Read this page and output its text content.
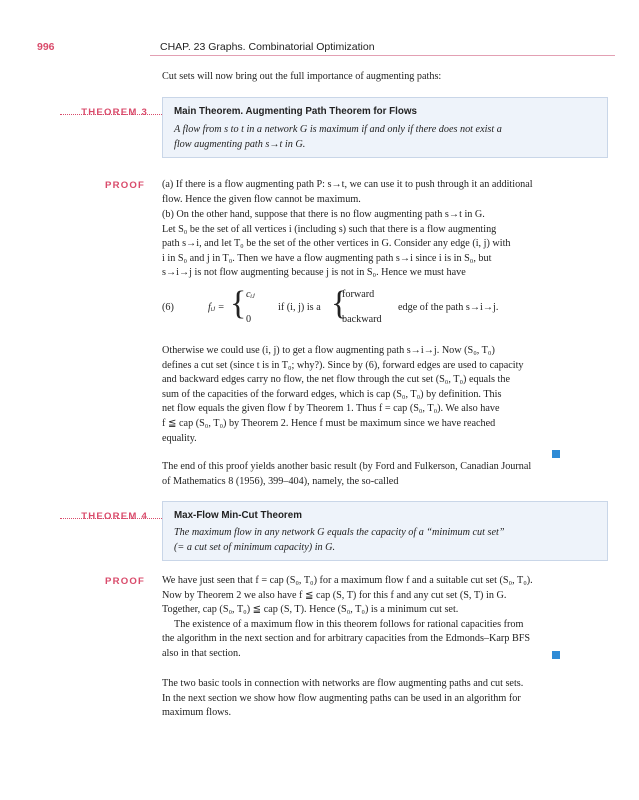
996	CHAP. 23 Graphs. Combinatorial Optimization
Cut sets will now bring out the full importance of augmenting paths:
THEOREM 3	Main Theorem. Augmenting Path Theorem for Flows
A flow from s to t in a network G is maximum if and only if there does not exist a
flow augmenting path s→t in G.
PROOF (a) If there is a flow augmenting path P: s→t, we can use it to push through it an additional
flow. Hence the given flow cannot be maximum.
(b) On the other hand, suppose that there is no flow augmenting path s→t in G.
Let S₀ be the set of all vertices i (including s) such that there is a flow augmenting
path s→i, and let T₀ be the set of the other vertices in G. Consider any edge (i, j) with
i in S₀ and j in T₀. Then we have a flow augmenting path s→i since i is in S₀, but
s→i→j is not flow augmenting because j is not in S₀. Hence we must have
(6)	fᵢⱼ = { cᵢⱼ
0
if (i, j) is a {
forward
backward
edge of the path s→i→j.
Otherwise we could use (i, j) to get a flow augmenting path s→i→j. Now (S₀, T₀)
defines a cut set (since t is in T₀; why?). Since by (6), forward edges are used to capacity
and backward edges carry no flow, the net flow through the cut set (S₀, T₀) equals the
sum of the capacities of the forward edges, which is cap (S₀, T₀) by definition. This
net flow equals the given flow f by Theorem 1. Thus f = cap (S₀, T₀). We also have
f ≦ cap (S₀, T₀) by Theorem 2. Hence f must be maximum since we have reached
equality.
The end of this proof yields another basic result (by Ford and Fulkerson, Canadian Journal
of Mathematics 8 (1956), 399–404), namely, the so-called
THEOREM 4	Max-Flow Min-Cut Theorem
The maximum flow in any network G equals the capacity of a “minimum cut set”
(= a cut set of minimum capacity) in G.
PROOF We have just seen that f = cap (S₀, T₀) for a maximum flow f and a suitable cut set (S₀, T₀).
Now by Theorem 2 we also have f ≦ cap (S, T) for this f and any cut set (S, T) in G.
Together, cap (S₀, T₀) ≦ cap (S, T). Hence (S₀, T₀) is a minimum cut set.
The existence of a maximum flow in this theorem follows for rational capacities from
the algorithm in the next section and for arbitrary capacities from the Edmonds–Karp BFS
also in that section.
The two basic tools in connection with networks are flow augmenting paths and cut sets.
In the next section we show how flow augmenting paths can be used in an algorithm for
maximum flows.
